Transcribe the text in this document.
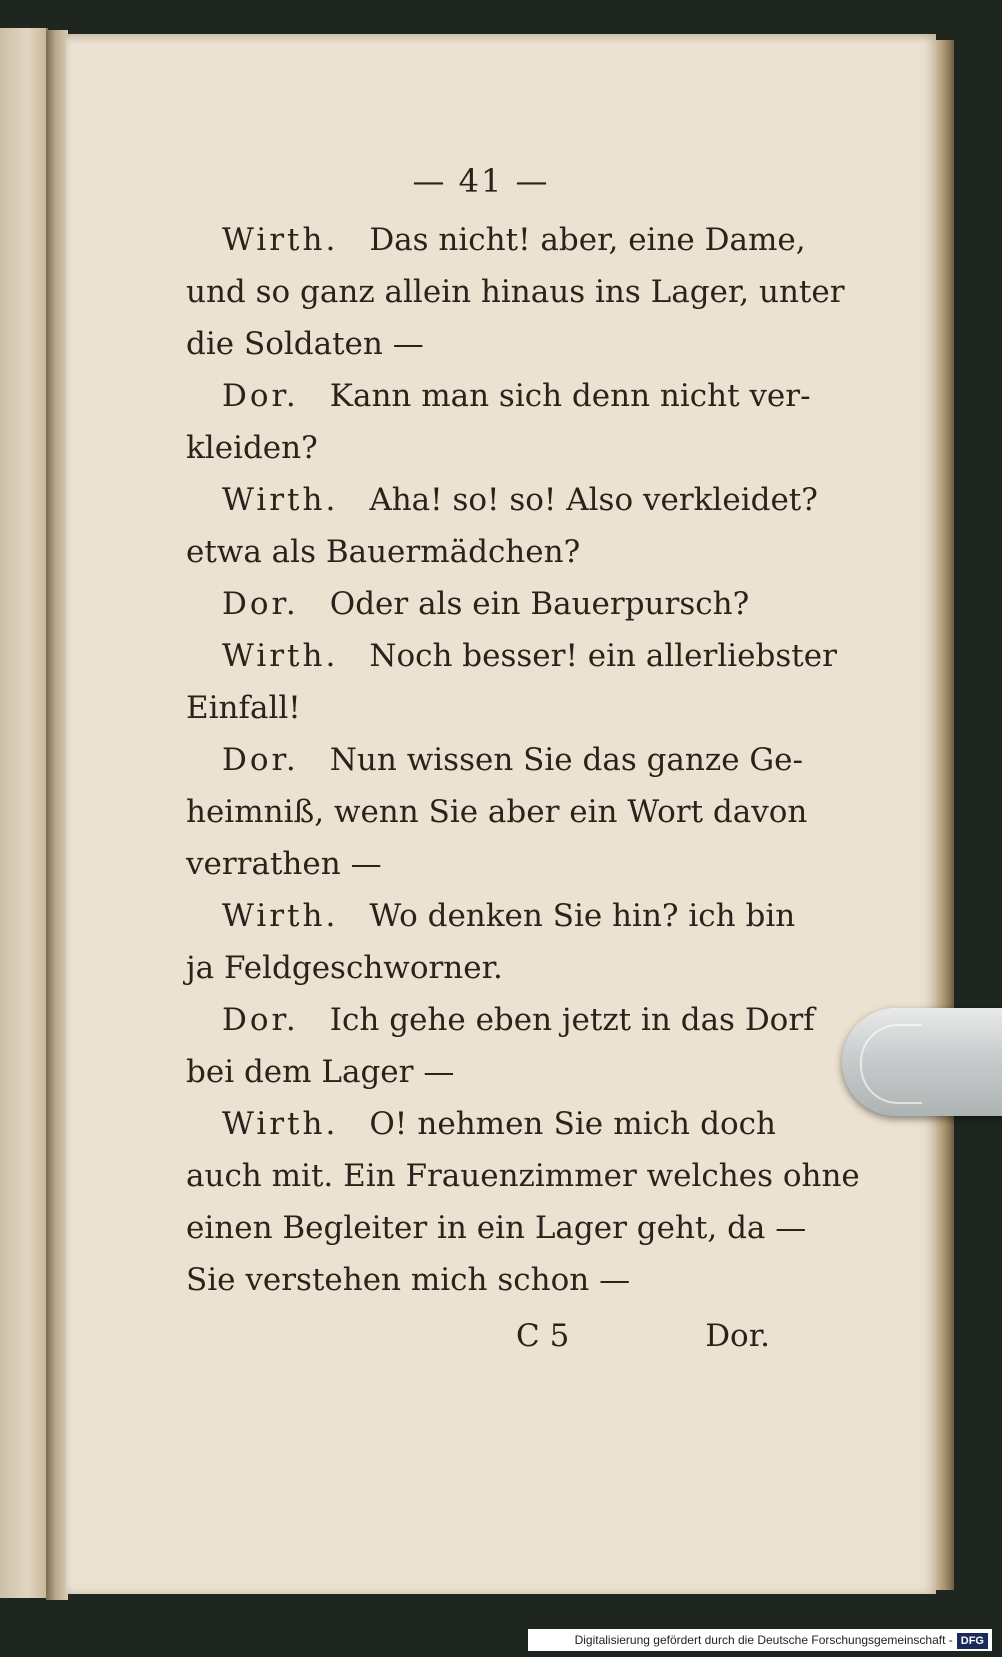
— 41 —
Wirth.  Das nicht! aber, eine Dame,
und so ganz allein hinaus ins Lager, unter
die Soldaten —
Dor.  Kann man sich denn nicht ver-
kleiden?
Wirth.  Aha! so! so! Also verkleidet?
etwa als Bauermädchen?
Dor.  Oder als ein Bauerpursch?
Wirth.  Noch besser! ein allerliebster
Einfall!
Dor.  Nun wissen Sie das ganze Ge-
heimniß, wenn Sie aber ein Wort davon
verrathen —
Wirth.  Wo denken Sie hin? ich bin
ja Feldgeschworner.
Dor.  Ich gehe eben jetzt in das Dorf
bei dem Lager —
Wirth.  O! nehmen Sie mich doch
auch mit. Ein Frauenzimmer welches ohne
einen Begleiter in ein Lager geht, da —
Sie verstehen mich schon —
C 5	Dor.
Digitalisierung gefördert durch die Deutsche Forschungsgemeinschaft - DFG
